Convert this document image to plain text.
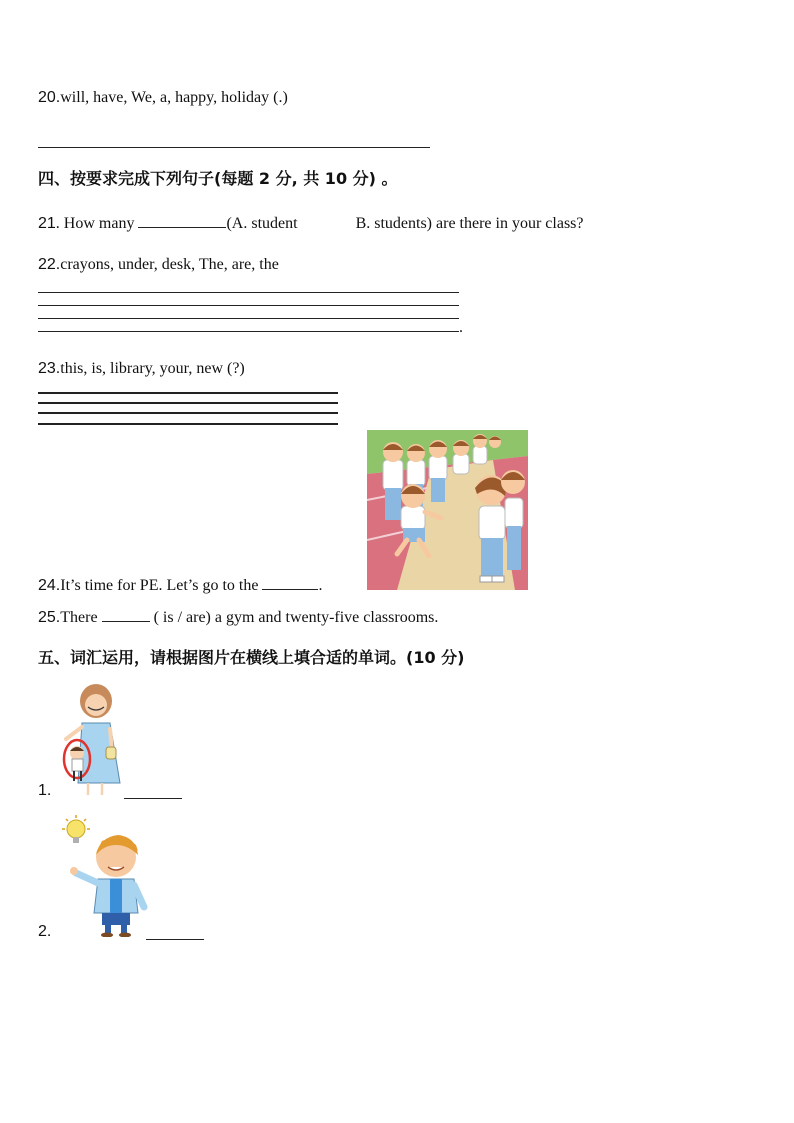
20.will, have, We, a, happy, holiday (.)
四、按要求完成下列句子(每题 2 分, 共 10 分) 。
21. How many	(A. student	B. students) are there in your class?
22.crayons, under, desk, The, are, the
.
23.this, is, library, your, new (?)
24.It’s time for PE. Let’s go to the	.
25.There	( is / are) a gym and twenty-five classrooms.
五、词汇运用，请根据图片在横线上填合适的单词。(10 分)
1.
2.
